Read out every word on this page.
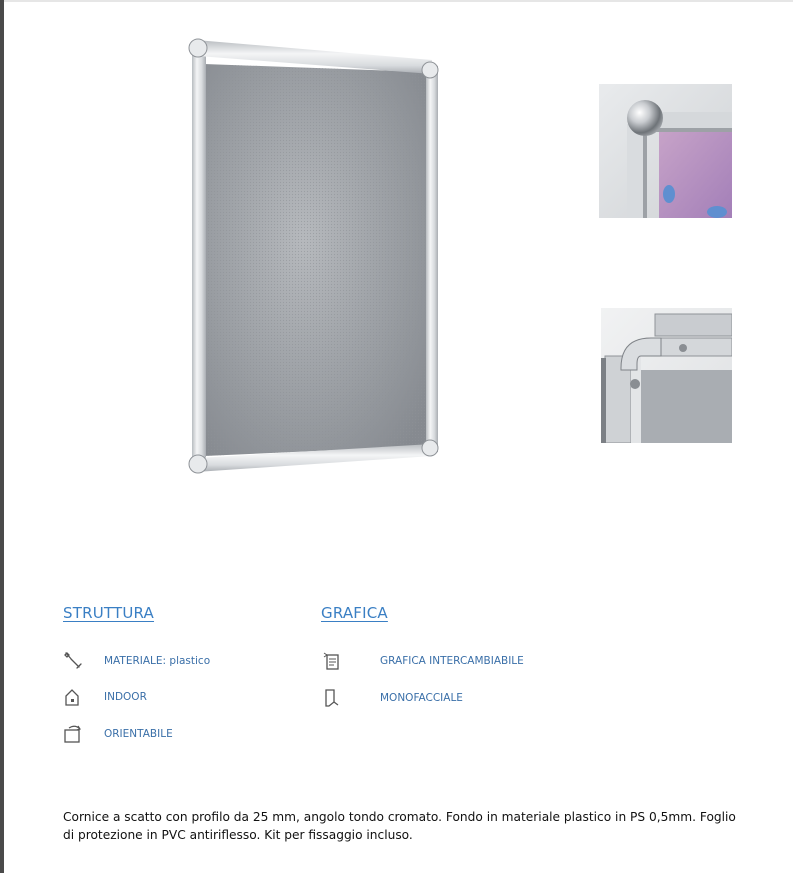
STRUTTURA
MATERIALE: plastico
INDOOR
ORIENTABILE
GRAFICA
GRAFICA INTERCAMBIABILE
MONOFACCIALE

Cornice a scatto con profilo da 25 mm, angolo tondo cromato. Fondo in materiale plastico in PS 0,5mm. Foglio di protezione in PVC antiriflesso. Kit per fissaggio incluso.
